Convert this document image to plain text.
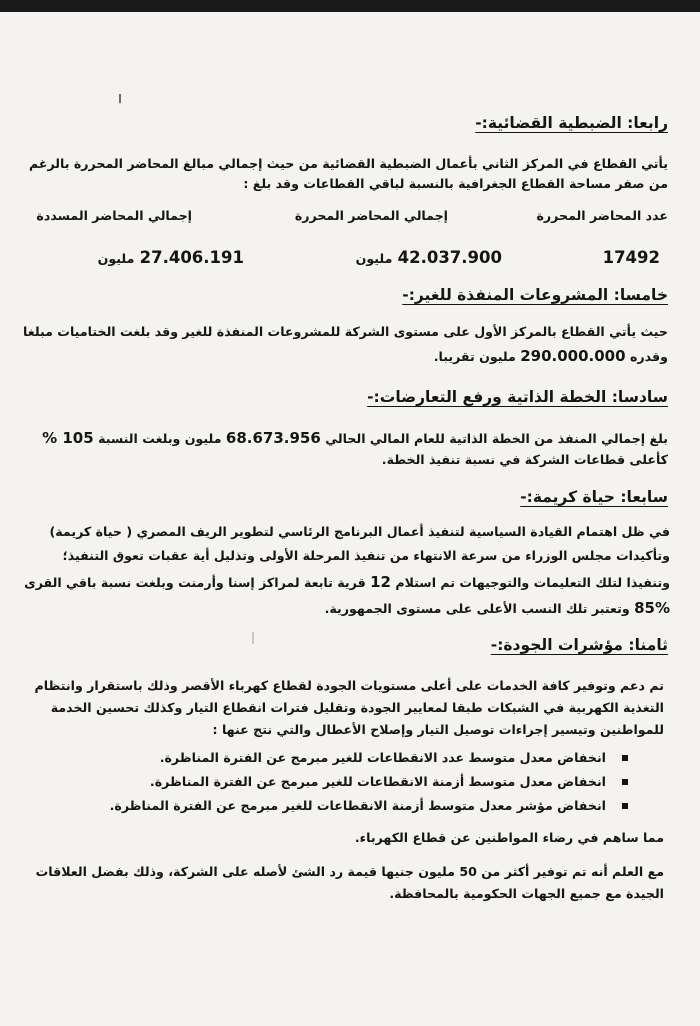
رابعا: الضبطية القضائية:-
يأتي القطاع في المركز الثاني بأعمال الضبطية القضائية من حيث إجمالي مبالغ المحاضر المحررة بالرغم
من صفر مساحة القطاع الجغرافية بالنسبة لباقي القطاعات وقد بلغ :
عدد المحاضر المحررة
إجمالي المحاضر المحررة
إجمالي المحاضر المسددة
17492
42.037.900 مليون
27.406.191 مليون
خامسا: المشروعات المنفذة للغير:-
حيث يأتي القطاع بالمركز الأول على مستوى الشركة للمشروعات المنفذة للغير وقد بلغت الختاميات مبلغا
وقدره 290.000.000 مليون تقريبا.
سادسا: الخطة الذاتية ورفع التعارضات:-
بلغ إجمالي المنفذ من الخطة الذاتية للعام المالي الحالي 68.673.956 مليون وبلغت النسبة 105 %
كأعلى قطاعات الشركة في نسبة تنفيذ الخطة.
سابعا: حياة كريمة:-
في ظل اهتمام القيادة السياسية لتنفيذ أعمال البرنامج الرئاسي لتطوير الريف المصري ( حياة كريمة)
وتأكيدات مجلس الوزراء من سرعة الانتهاء من تنفيذ المرحلة الأولى وتذليل أية عقبات تعوق التنفيذ؛
وتنفيذا لتلك التعليمات والتوجيهات تم استلام 12 قرية تابعة لمراكز إسنا وأرمنت وبلغت نسبة باقي القرى
85% وتعتبر تلك النسب الأعلى على مستوى الجمهورية.
ثامنا: مؤشرات الجودة:-
تم دعم وتوفير كافة الخدمات على أعلى مستويات الجودة لقطاع كهرباء الأقصر وذلك باستقرار وانتظام
التغذية الكهربية في الشبكات طبقا لمعايير الجودة وتقليل فترات انقطاع التيار وكذلك تحسين الخدمة
للمواطنين وتيسير إجراءات توصيل التيار وإصلاح الأعطال والتي نتج عنها :
انخفاض معدل متوسط عدد الانقطاعات للغير مبرمج عن الفترة المناظرة.
انخفاض معدل متوسط أزمنة الانقطاعات للغير مبرمج عن الفترة المناظرة.
انخفاض مؤشر معدل متوسط أزمنة الانقطاعات للغير مبرمج عن الفترة المناظرة.
مما ساهم في رضاء المواطنين عن قطاع الكهرباء.
مع العلم أنه تم توفير أكثر من 50 مليون جنيها قيمة رد الشئ لأصله على الشركة، وذلك بفضل العلاقات
الجيدة مع جميع الجهات الحكومية بالمحافظة.
